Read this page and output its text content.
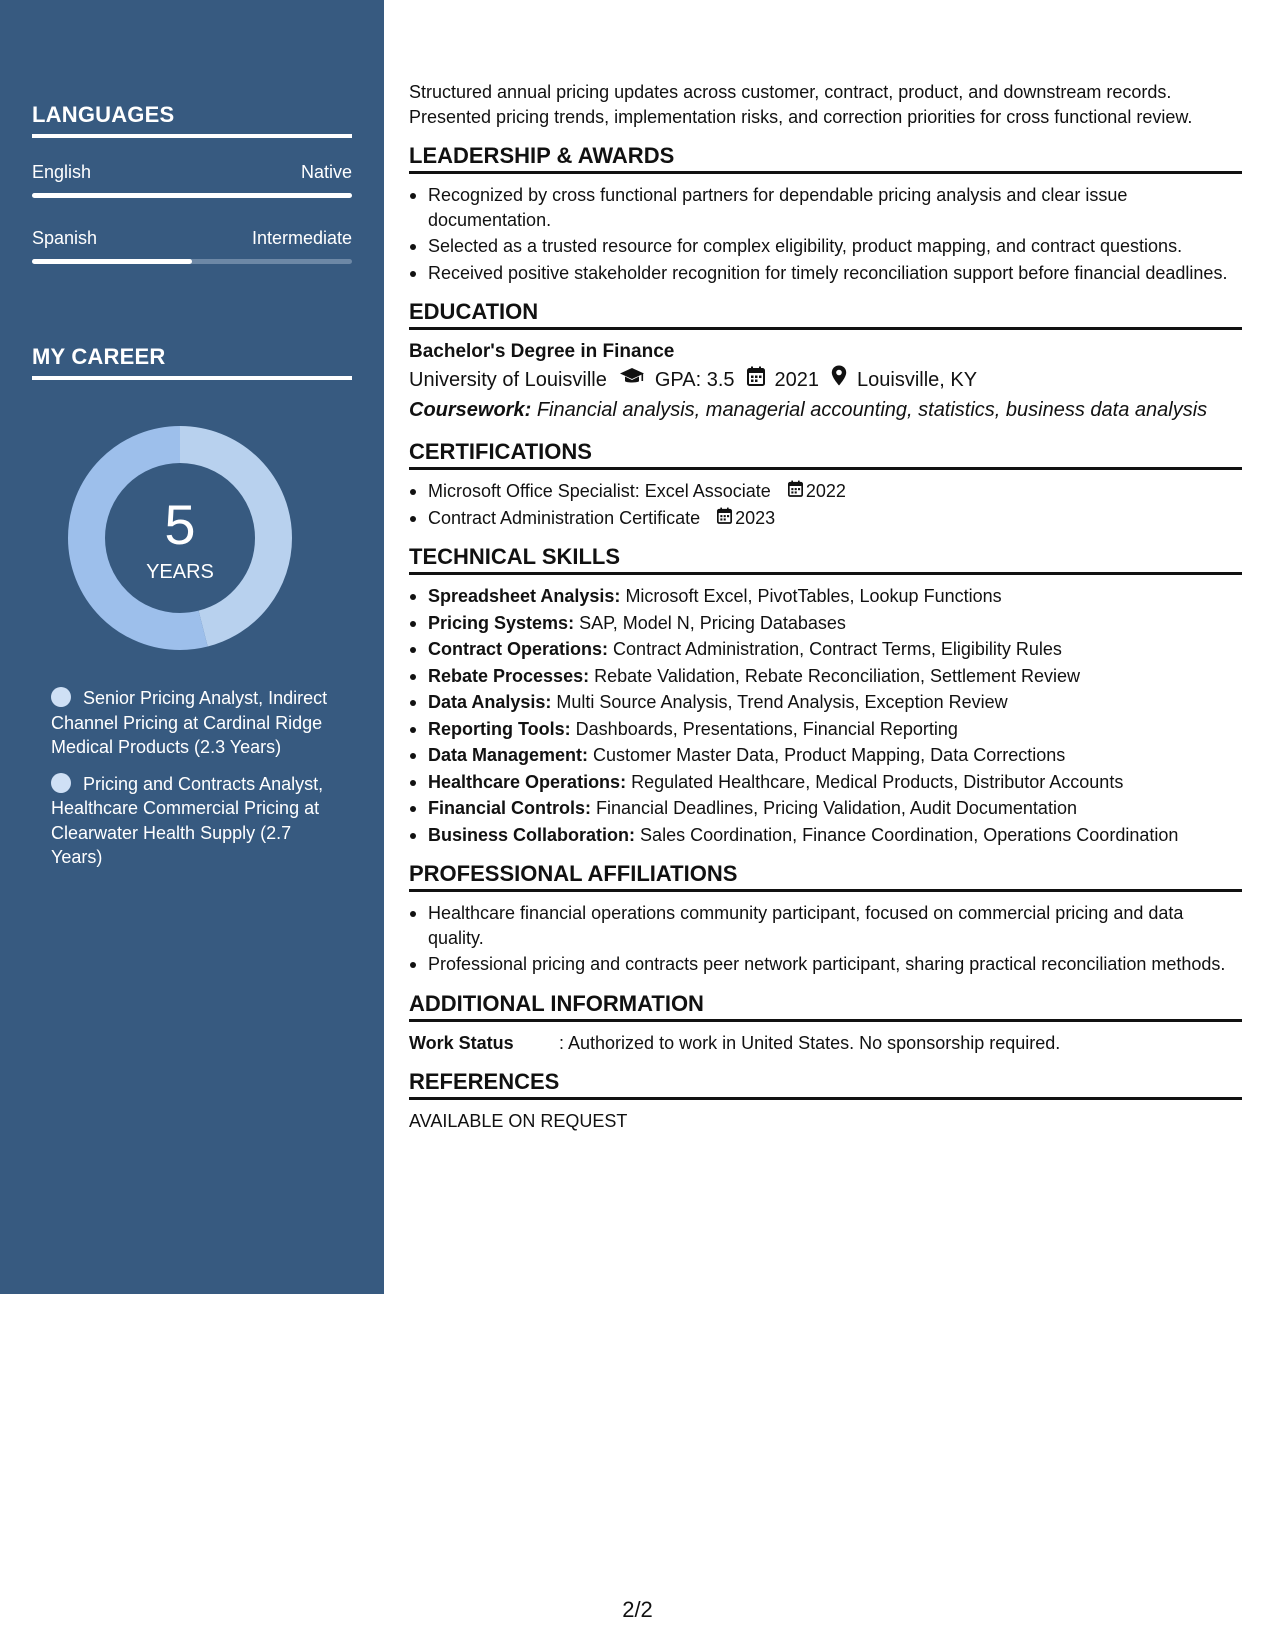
LANGUAGES
English	Native
Spanish	Intermediate
MY CAREER
5
YEARS
Senior Pricing Analyst, Indirect Channel Pricing at Cardinal Ridge Medical Products (2.3 Years)
Pricing and Contracts Analyst, Healthcare Commercial Pricing at Clearwater Health Supply (2.7 Years)
Structured annual pricing updates across customer, contract, product, and downstream records.
Presented pricing trends, implementation risks, and correction priorities for cross functional review.
LEADERSHIP & AWARDS
Recognized by cross functional partners for dependable pricing analysis and clear issue documentation.
Selected as a trusted resource for complex eligibility, product mapping, and contract questions.
Received positive stakeholder recognition for timely reconciliation support before financial deadlines.
EDUCATION
Bachelor's Degree in Finance
University of Louisville GPA: 3.5 2021 Louisville, KY
Coursework: Financial analysis, managerial accounting, statistics, business data analysis
CERTIFICATIONS
Microsoft Office Specialist: Excel Associate 2022
Contract Administration Certificate 2023
TECHNICAL SKILLS
Spreadsheet Analysis: Microsoft Excel, PivotTables, Lookup Functions
Pricing Systems: SAP, Model N, Pricing Databases
Contract Operations: Contract Administration, Contract Terms, Eligibility Rules
Rebate Processes: Rebate Validation, Rebate Reconciliation, Settlement Review
Data Analysis: Multi Source Analysis, Trend Analysis, Exception Review
Reporting Tools: Dashboards, Presentations, Financial Reporting
Data Management: Customer Master Data, Product Mapping, Data Corrections
Healthcare Operations: Regulated Healthcare, Medical Products, Distributor Accounts
Financial Controls: Financial Deadlines, Pricing Validation, Audit Documentation
Business Collaboration: Sales Coordination, Finance Coordination, Operations Coordination
PROFESSIONAL AFFILIATIONS
Healthcare financial operations community participant, focused on commercial pricing and data quality.
Professional pricing and contracts peer network participant, sharing practical reconciliation methods.
ADDITIONAL INFORMATION
Work Status	: Authorized to work in United States. No sponsorship required.
REFERENCES
AVAILABLE ON REQUEST
2/2
